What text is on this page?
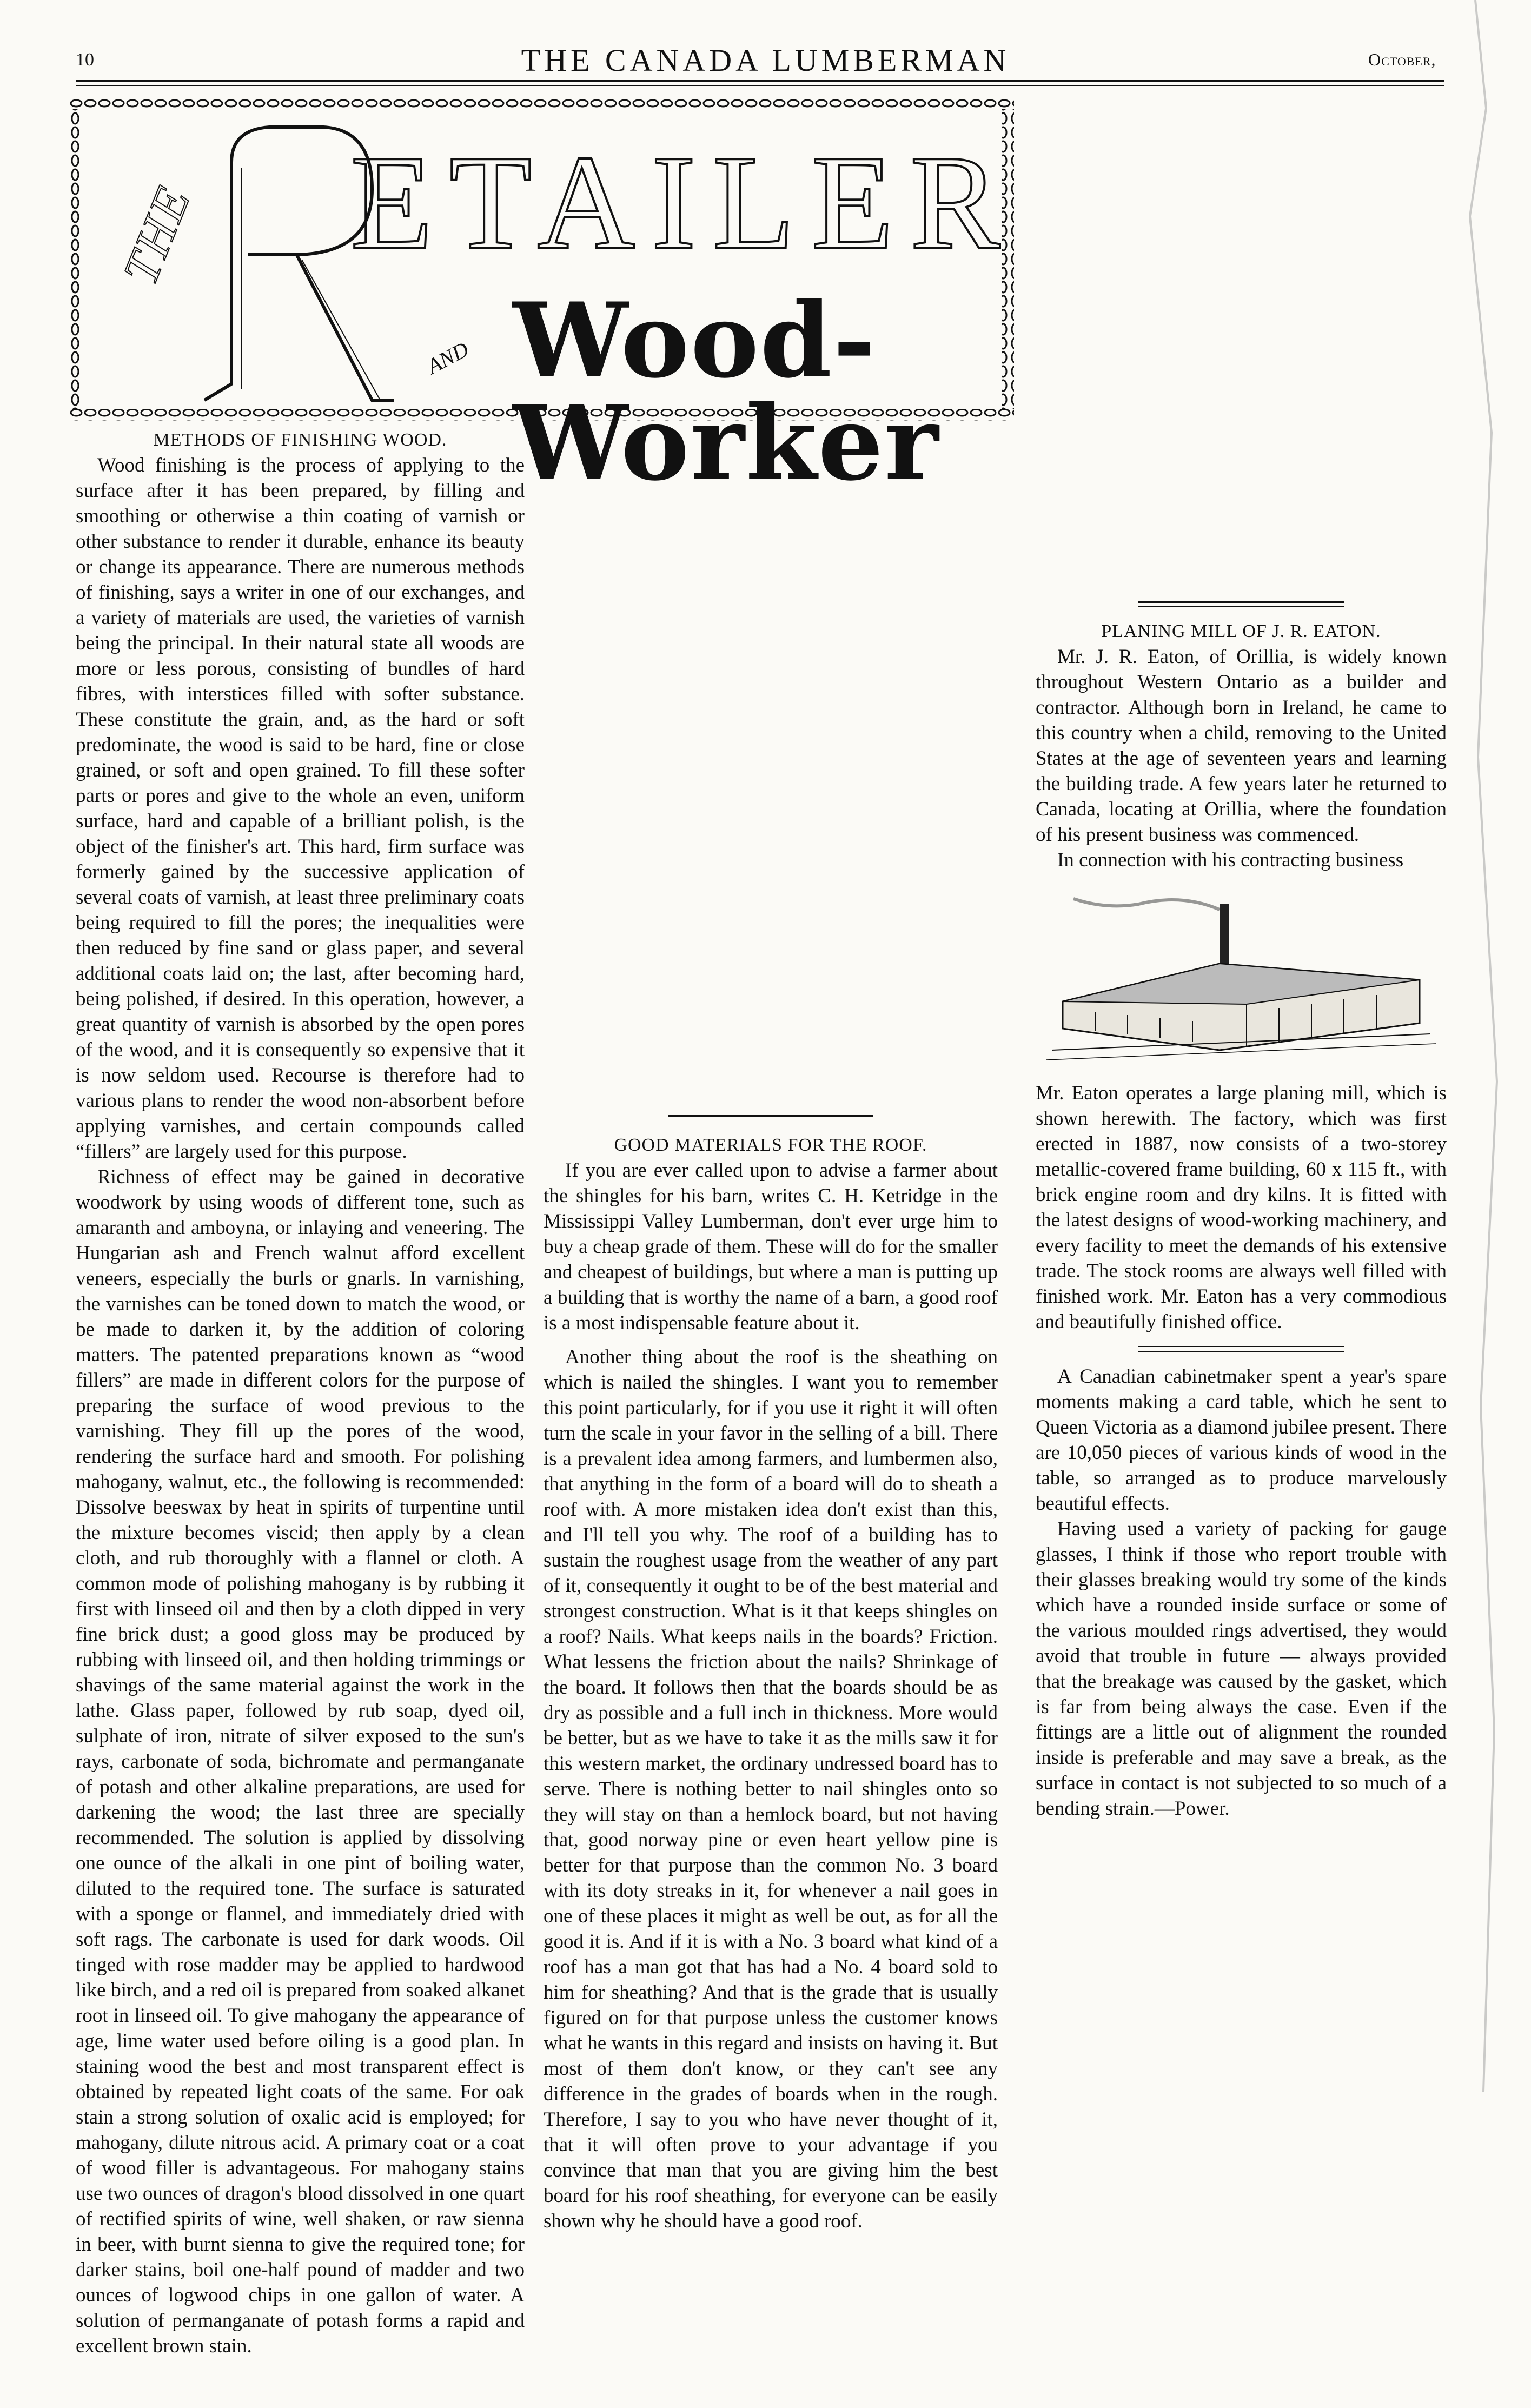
10	THE CANADA LUMBERMAN	October,
THE ETAILER
AND Wood-Worker
METHODS OF FINISHING WOOD.

Wood finishing is the process of applying to the surface after it has been prepared, by filling and smoothing or otherwise a thin coating of varnish or other substance to render it durable, enhance its beauty or change its appearance. There are numerous methods of finishing, says a writer in one of our exchanges, and a variety of materials are used, the varieties of varnish being the principal. In their natural state all woods are more or less porous, consisting of bundles of hard fibres, with interstices filled with softer substance. These constitute the grain, and, as the hard or soft predominate, the wood is said to be hard, fine or close grained, or soft and open grained. To fill these softer parts or pores and give to the whole an even, uniform surface, hard and capable of a brilliant polish, is the object of the finisher's art. This hard, firm surface was formerly gained by the successive application of several coats of varnish, at least three preliminary coats being required to fill the pores; the inequalities were then reduced by fine sand or glass paper, and several additional coats laid on; the last, after becoming hard, being polished, if desired. In this operation, however, a great quantity of varnish is absorbed by the open pores of the wood, and it is consequently so expensive that it is now seldom used. Recourse is therefore had to various plans to render the wood non-absorbent before applying varnishes, and certain compounds called “fillers” are largely used for this purpose.

Richness of effect may be gained in decorative woodwork by using woods of different tone, such as amaranth and amboyna, or inlaying and veneering. The Hungarian ash and French walnut afford excellent veneers, especially the burls or gnarls. In varnishing, the varnishes can be toned down to match the wood, or be made to darken it, by the addition of coloring matters. The patented preparations known as “wood fillers” are made in different colors for the purpose of preparing the surface of wood previous to the varnishing. They fill up the pores of the wood, rendering the surface hard and smooth. For polishing mahogany, walnut, etc., the following is recommended: Dissolve beeswax by heat in spirits of turpentine until the mixture becomes viscid; then apply by a clean cloth, and rub thoroughly with a flannel or cloth. A common mode of polishing mahogany is by rubbing it first with linseed oil and then by a cloth dipped in very fine brick dust; a good gloss may be produced by rubbing with linseed oil, and then holding trimmings or shavings of the same material against the work in the lathe. Glass paper, followed by rub soap, dyed oil, sulphate of iron, nitrate of silver exposed to the sun's rays, carbonate of soda, bichromate and permanganate of potash and other alkaline preparations, are used for darkening the wood; the last three are specially recommended. The solution is applied by dissolving one ounce of the alkali in one pint of boiling water, diluted to the required tone. The surface is saturated with a sponge or flannel, and immediately dried with soft rags. The carbonate is used for dark woods. Oil tinged with rose madder may be applied to hardwood like birch, and a red oil is prepared from soaked alkanet root in linseed oil. To give mahogany the appearance of age, lime water used before oiling is a good plan. In staining wood the best and most transparent effect is obtained by repeated light coats of the same. For oak stain a strong solution of oxalic acid is employed; for mahogany, dilute nitrous acid. A primary coat or a coat of wood filler is advantageous. For mahogany stains use two ounces of dragon's blood dissolved in one quart of rectified spirits of wine, well shaken, or raw sienna in beer, with burnt sienna to give the required tone; for darker stains, boil one-half pound of madder and two ounces of logwood chips in one gallon of water. A solution of permanganate of potash forms a rapid and excellent brown stain.

GOOD MATERIALS FOR THE ROOF.

If you are ever called upon to advise a farmer about the shingles for his barn, writes C. H. Ketridge in the Mississippi Valley Lumberman, don't ever urge him to buy a cheap grade of them. These will do for the smaller and cheapest of buildings, but where a man is putting up a building that is worthy the name of a barn, a good roof is a most indispensable feature about it.

Another thing about the roof is the sheathing on which is nailed the shingles. I want you to remember this point particularly, for if you use it right it will often turn the scale in your favor in the selling of a bill. There is a prevalent idea among farmers, and lumbermen also, that anything in the form of a board will do to sheath a roof with. A more mistaken idea don't exist than this, and I'll tell you why. The roof of a building has to sustain the roughest usage from the weather of any part of it, consequently it ought to be of the best material and strongest construction. What is it that keeps shingles on a roof? Nails. What keeps nails in the boards? Friction. What lessens the friction about the nails? Shrinkage of the board. It follows then that the boards should be as dry as possible and a full inch in thickness. More would be better, but as we have to take it as the mills saw it for this western market, the ordinary undressed board has to serve. There is nothing better to nail shingles onto so they will stay on than a hemlock board, but not having that, good norway pine or even heart yellow pine is better for that purpose than the common No. 3 board with its doty streaks in it, for whenever a nail goes in one of these places it might as well be out, as for all the good it is. And if it is with a No. 3 board what kind of a roof has a man got that has had a No. 4 board sold to him for sheathing? And that is the grade that is usually figured on for that purpose unless the customer knows what he wants in this regard and insists on having it. But most of them don't know, or they can't see any difference in the grades of boards when in the rough. Therefore, I say to you who have never thought of it, that it will often prove to your advantage if you convince that man that you are giving him the best board for his roof sheathing, for everyone can be easily shown why he should have a good roof.

PLANING MILL OF J. R. EATON.

Mr. J. R. Eaton, of Orillia, is widely known throughout Western Ontario as a builder and contractor. Although born in Ireland, he came to this country when a child, removing to the United States at the age of seventeen years and learning the building trade. A few years later he returned to Canada, locating at Orillia, where the foundation of his present business was commenced.

In connection with his contracting business

Mr. Eaton operates a large planing mill, which is shown herewith. The factory, which was first erected in 1887, now consists of a two-storey metallic-covered frame building, 60 x 115 ft., with brick engine room and dry kilns. It is fitted with the latest designs of wood-working machinery, and every facility to meet the demands of his extensive trade. The stock rooms are always well filled with finished work. Mr. Eaton has a very commodious and beautifully finished office.

A Canadian cabinetmaker spent a year's spare moments making a card table, which he sent to Queen Victoria as a diamond jubilee present. There are 10,050 pieces of various kinds of wood in the table, so arranged as to produce marvelously beautiful effects.

Having used a variety of packing for gauge glasses, I think if those who report trouble with their glasses breaking would try some of the kinds which have a rounded inside surface or some of the various moulded rings advertised, they would avoid that trouble in future — always provided that the breakage was caused by the gasket, which is far from being always the case. Even if the fittings are a little out of alignment the rounded inside is preferable and may save a break, as the surface in contact is not subjected to so much of a bending strain.—Power.
